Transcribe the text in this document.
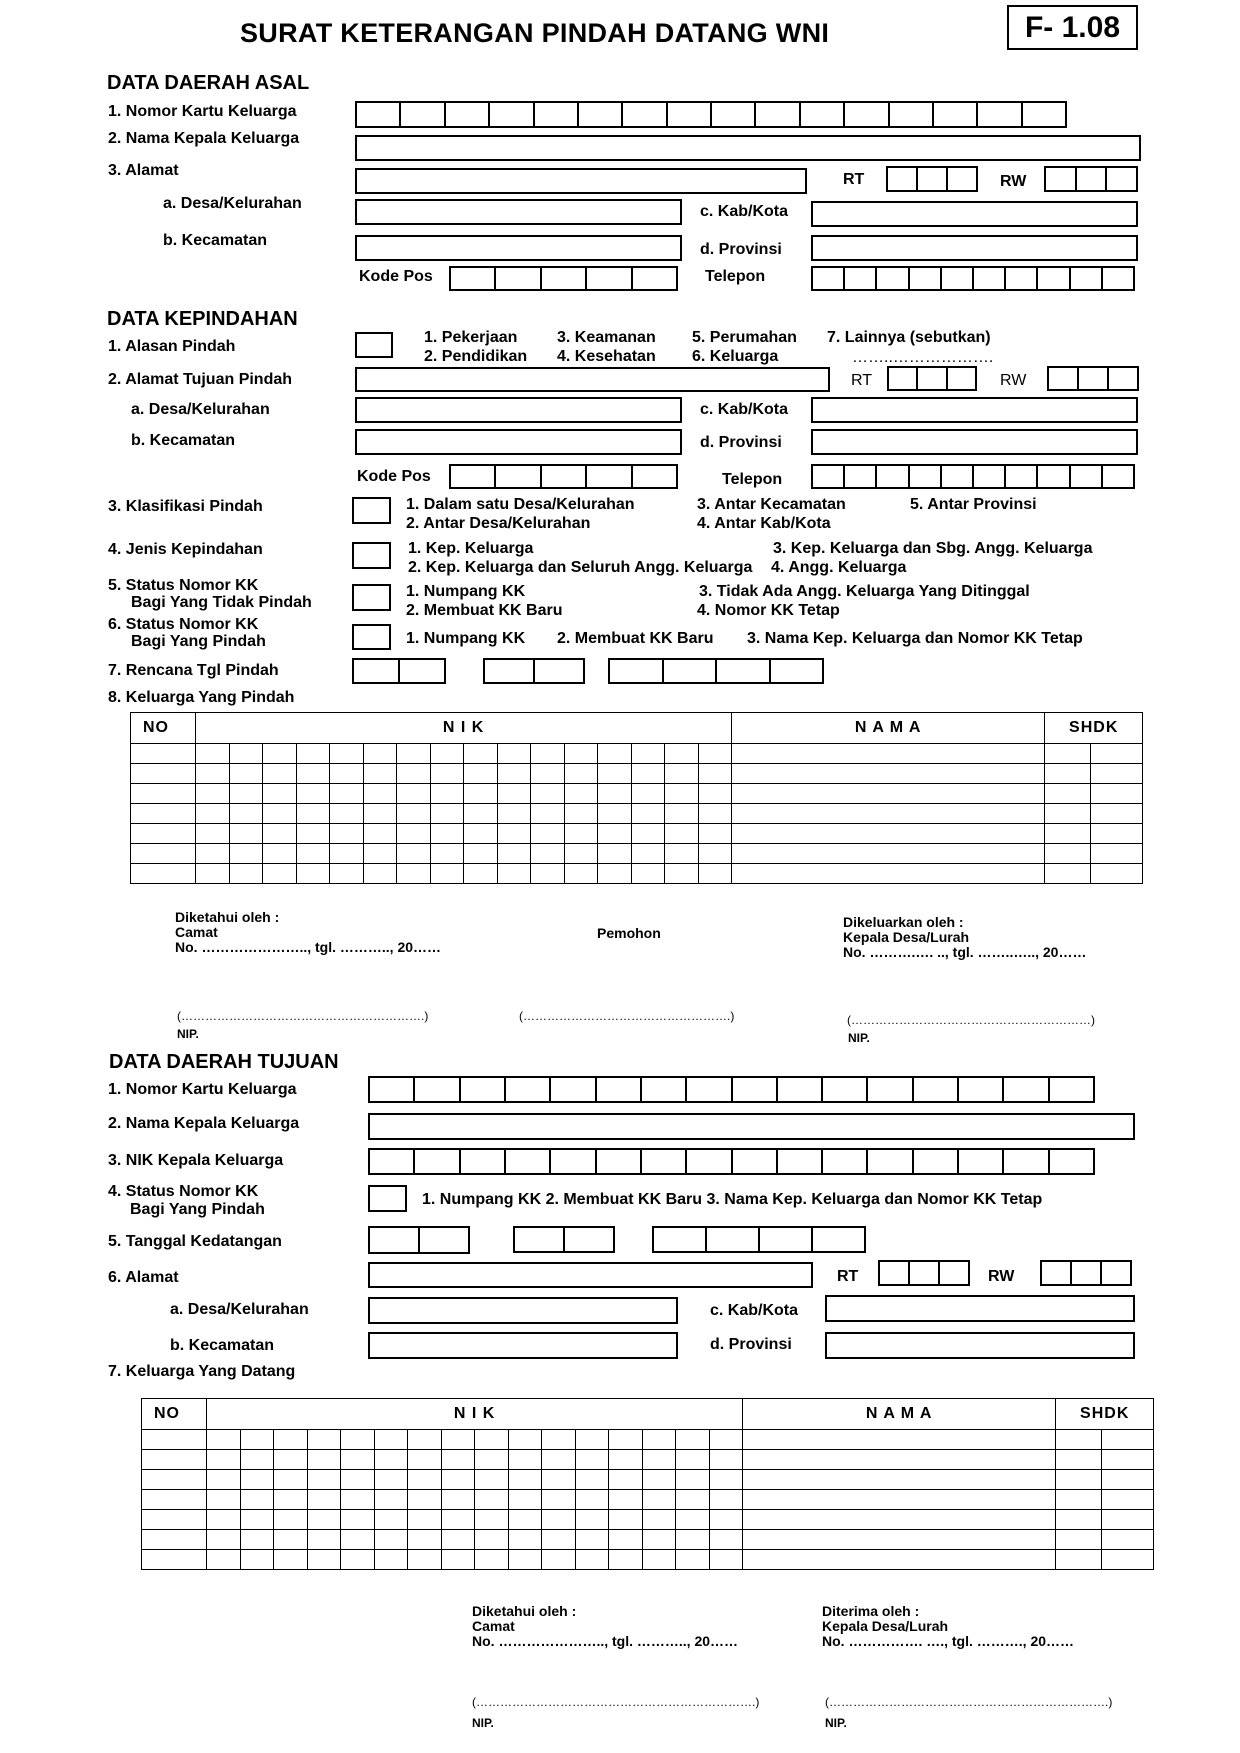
SURAT KETERANGAN PINDAH DATANG WNI	F- 1.08
DATA DAERAH ASAL
1. Nomor Kartu Keluarga
2. Nama Kepala Keluarga
3. Alamat
RT	RW
a. Desa/Kelurahan	c. Kab/Kota
b. Kecamatan
d. Provinsi
Kode Pos	Telepon
DATA KEPINDAHAN
1. Alasan Pindah
1. Pekerjaan 3. Keamanan 5. Perumahan 7. Lainnya (sebutkan)
2. Pendidikan 4. Kesehatan 6. Keluarga	……..……………….
2. Alamat Tujuan Pindah	RT	RW
a. Desa/Kelurahan	c. Kab/Kota
b. Kecamatan	d. Provinsi
Kode Pos	Telepon
3. Klasifikasi Pindah	1. Dalam satu Desa/Kelurahan	3. Antar Kecamatan	5. Antar Provinsi
2. Antar Desa/Kelurahan	4. Antar Kab/Kota
4. Jenis Kepindahan	1. Kep. Keluarga	3. Kep. Keluarga dan Sbg. Angg. Keluarga
2. Kep. Keluarga dan Seluruh Angg. Keluarga 4. Angg. Keluarga
5. Status Nomor KK
Bagi Yang Tidak Pindah
1. Numpang KK	3. Tidak Ada Angg. Keluarga Yang Ditinggal
2. Membuat KK Baru	4. Nomor KK Tetap
6. Status Nomor KK
Bagi Yang Pindah	1. Numpang KK 2. Membuat KK Baru 3. Nama Kep. Keluarga dan Nomor KK Tetap
7. Rencana Tgl Pindah
8. Keluarga Yang Pindah
NO	N I K																N A M A	SHDK	

Diketahui oleh :
Camat
No. ………………….., tgl. ……….., 20……
Pemohon
Dikeluarkan oleh :
Kepala Desa/Lurah
No. ……….…. .., tgl. ……..….., 20……
(…………………………………………………….)
NIP.
(…………………………………………….)	(……………………………………………………)
NIP.
DATA DAERAH TUJUAN
1. Nomor Kartu Keluarga
2. Nama Kepala Keluarga
3. NIK Kepala Keluarga
4. Status Nomor KK
Bagi Yang Pindah
1. Numpang KK 2. Membuat KK Baru 3. Nama Kep. Keluarga dan Nomor KK Tetap
5. Tanggal Kedatangan
6. Alamat	RT	RW
a. Desa/Kelurahan	c. Kab/Kota
b. Kecamatan	d. Provinsi
7. Keluarga Yang Datang
NO	N I K																N A M A	SHDK	

Diketahui oleh :
Camat
No. ………………….., tgl. ……….., 20……
Diterima oleh :
Kepala Desa/Lurah
No. ……………. …., tgl. ………., 20……
(…………………………………………………………….)
NIP.
(…………………………………………………………….)
NIP.
